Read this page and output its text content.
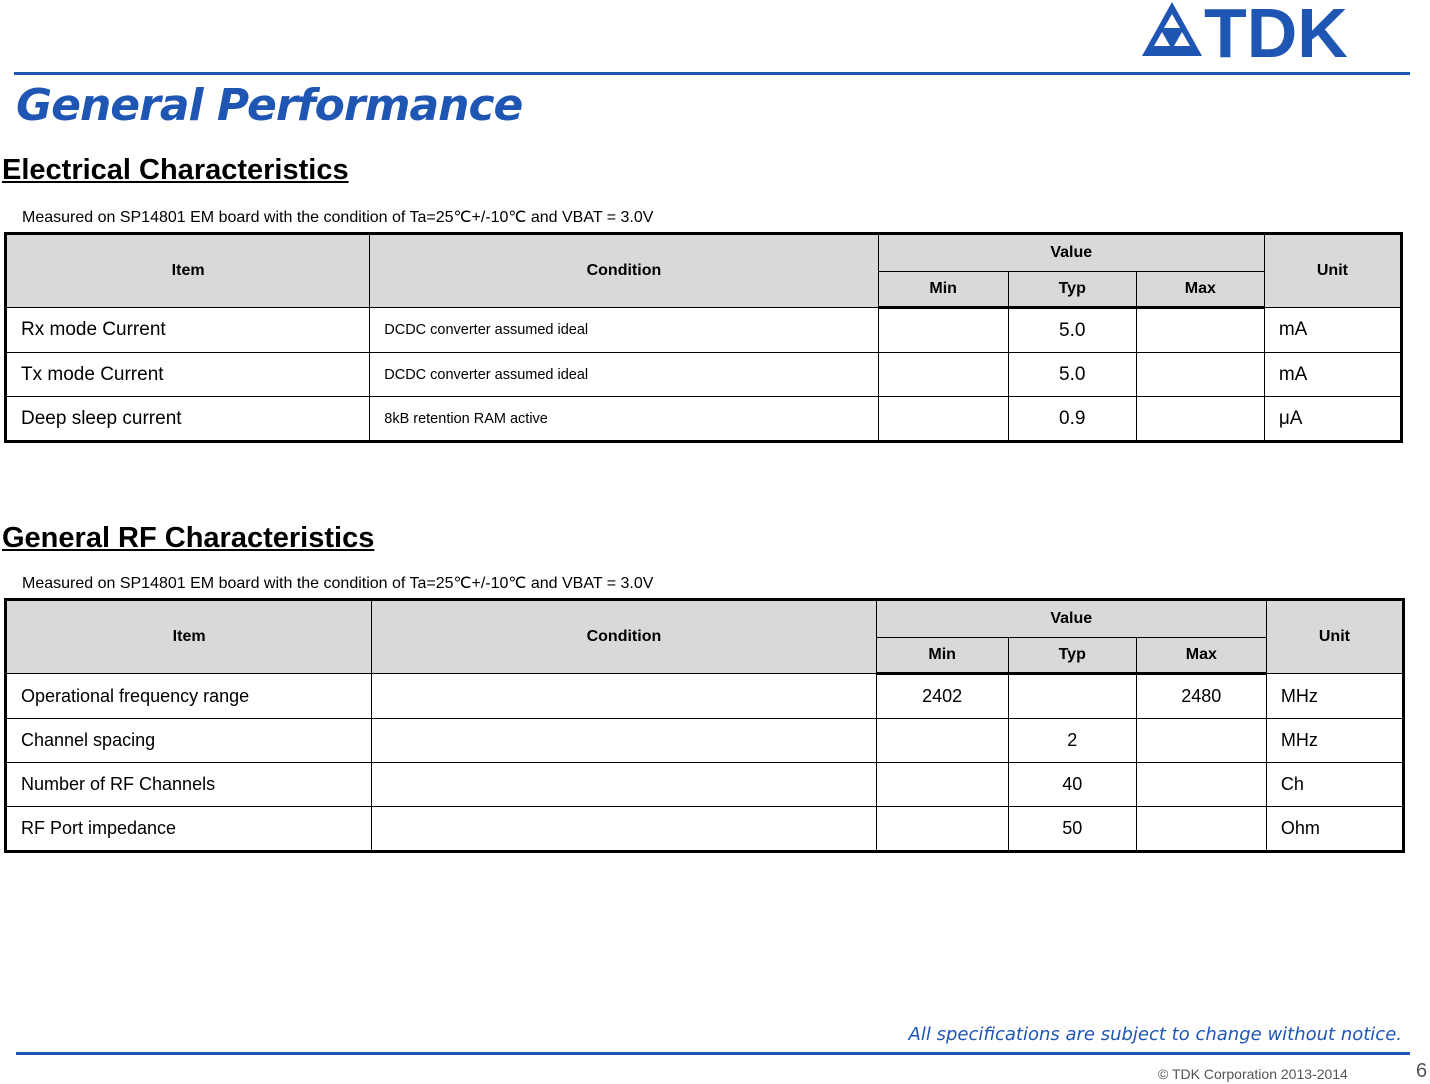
TDK
General Performance
Electrical Characteristics

Measured on SP14801 EM board with the condition of Ta=25℃+/-10℃ and VBAT = 3.0V

Item	Condition	Value			Unit
		Min	Typ	Max	
Rx mode Current	DCDC converter assumed ideal		5.0		mA
Tx mode Current	DCDC converter assumed ideal		5.0		mA
Deep sleep current	8kB retention RAM active		0.9		μA
General RF Characteristics

Measured on SP14801 EM board with the condition of Ta=25℃+/-10℃ and VBAT = 3.0V

Item	Condition	Value			Unit
		Min	Typ	Max	
Operational frequency range		2402		2480	MHz
Channel spacing			2		MHz
Number of RF Channels			40		Ch
RF Port impedance			50		Ohm

All specifications are subject to change without notice.

© TDK Corporation 2013-2014	6
